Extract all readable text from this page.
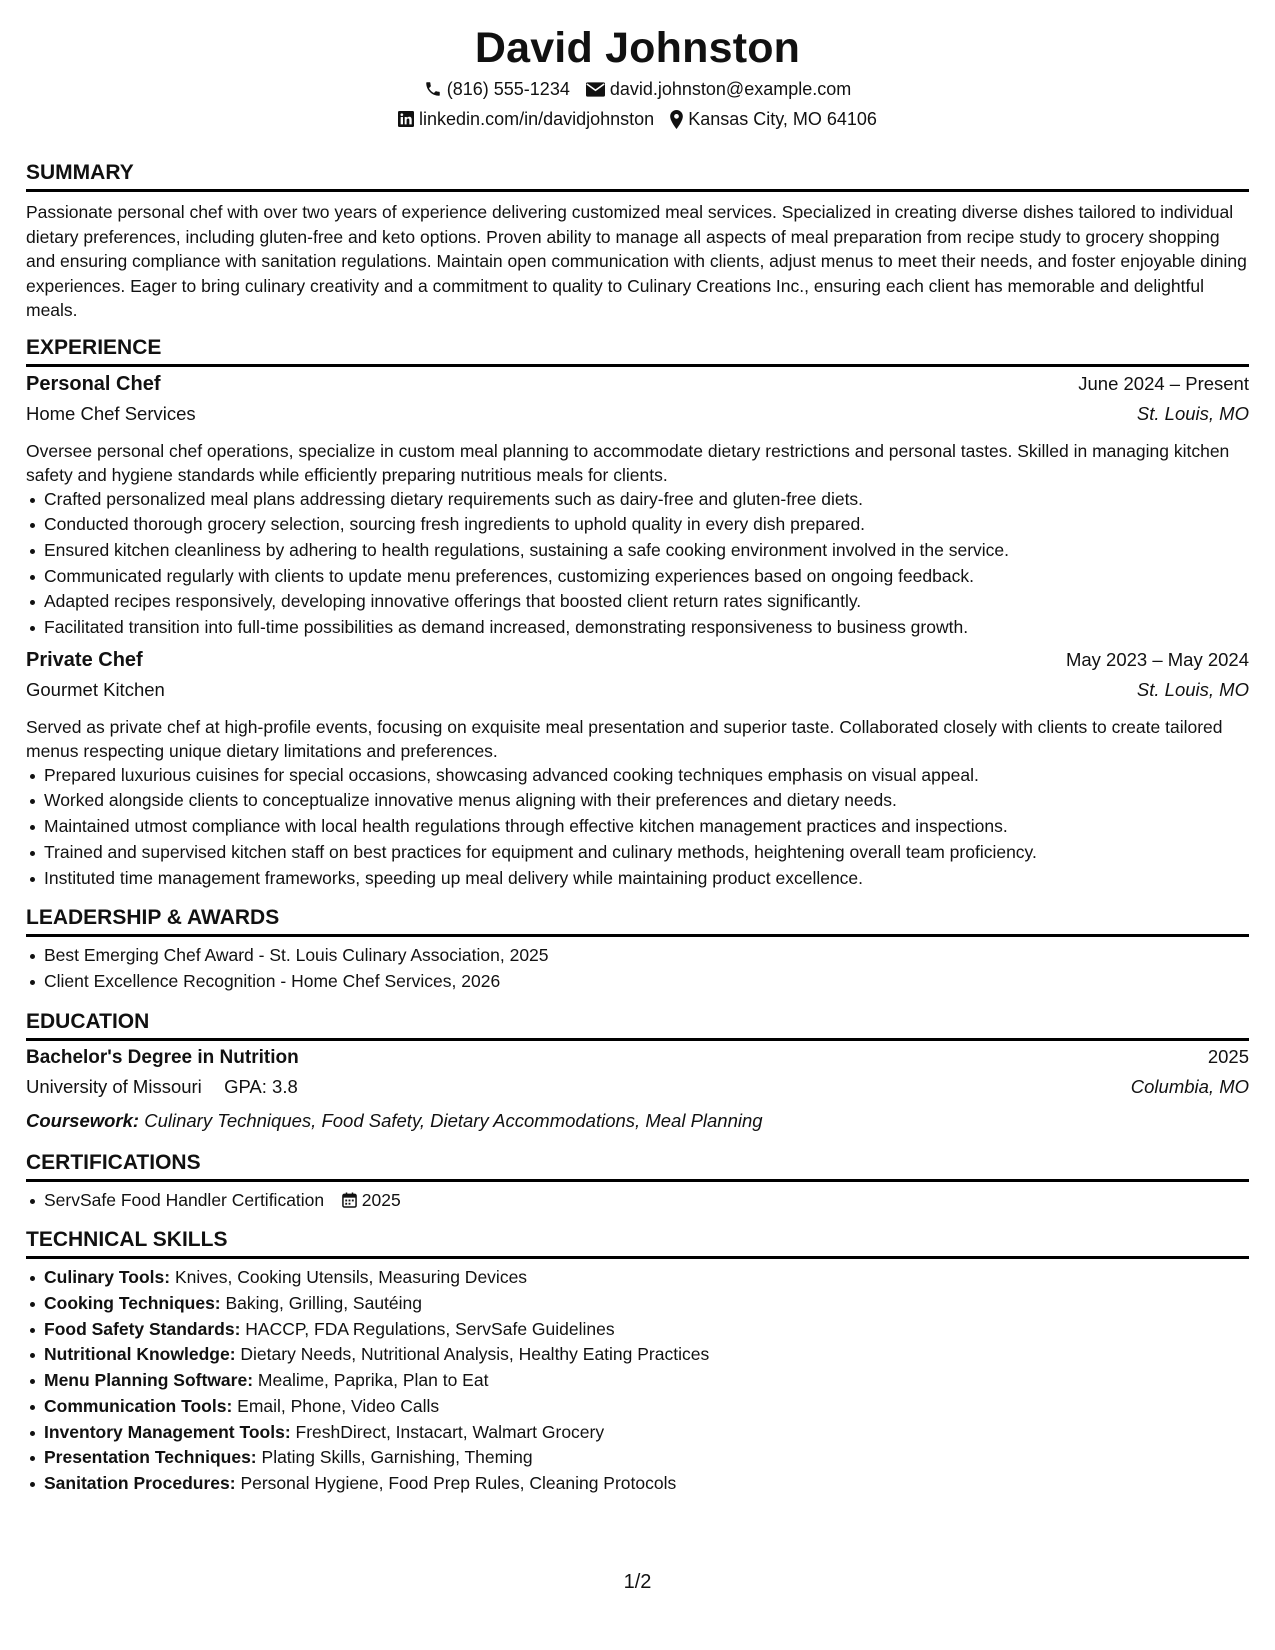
David Johnston
(816) 555-1234 david.johnston@example.com
linkedin.com/in/davidjohnston Kansas City, MO 64106
SUMMARY

Passionate personal chef with over two years of experience delivering customized meal services. Specialized in creating diverse dishes tailored to individual dietary preferences, including gluten-free and keto options. Proven ability to manage all aspects of meal preparation from recipe study to grocery shopping and ensuring compliance with sanitation regulations. Maintain open communication with clients, adjust menus to meet their needs, and foster enjoyable dining experiences. Eager to bring culinary creativity and a commitment to quality to Culinary Creations Inc., ensuring each client has memorable and delightful meals.

EXPERIENCE
Personal Chef	June 2024 – Present
Home Chef Services	St. Louis, MO

Oversee personal chef operations, specialize in custom meal planning to accommodate dietary restrictions and personal tastes. Skilled in managing kitchen safety and hygiene standards while efficiently preparing nutritious meals for clients.

Crafted personalized meal plans addressing dietary requirements such as dairy-free and gluten-free diets.
Conducted thorough grocery selection, sourcing fresh ingredients to uphold quality in every dish prepared.
Ensured kitchen cleanliness by adhering to health regulations, sustaining a safe cooking environment involved in the service.
Communicated regularly with clients to update menu preferences, customizing experiences based on ongoing feedback.
Adapted recipes responsively, developing innovative offerings that boosted client return rates significantly.
Facilitated transition into full-time possibilities as demand increased, demonstrating responsiveness to business growth.
Private Chef	May 2023 – May 2024
Gourmet Kitchen	St. Louis, MO

Served as private chef at high-profile events, focusing on exquisite meal presentation and superior taste. Collaborated closely with clients to create tailored menus respecting unique dietary limitations and preferences.

Prepared luxurious cuisines for special occasions, showcasing advanced cooking techniques emphasis on visual appeal.
Worked alongside clients to conceptualize innovative menus aligning with their preferences and dietary needs.
Maintained utmost compliance with local health regulations through effective kitchen management practices and inspections.
Trained and supervised kitchen staff on best practices for equipment and culinary methods, heightening overall team proficiency.
Instituted time management frameworks, speeding up meal delivery while maintaining product excellence.
LEADERSHIP & AWARDS
Best Emerging Chef Award - St. Louis Culinary Association, 2025
Client Excellence Recognition - Home Chef Services, 2026
EDUCATION
Bachelor's Degree in Nutrition	2025
University of Missouri GPA: 3.8	Columbia, MO
Coursework: Culinary Techniques, Food Safety, Dietary Accommodations, Meal Planning
CERTIFICATIONS
ServSafe Food Handler Certification 2025
TECHNICAL SKILLS
Culinary Tools: Knives, Cooking Utensils, Measuring Devices
Cooking Techniques: Baking, Grilling, Sautéing
Food Safety Standards: HACCP, FDA Regulations, ServSafe Guidelines
Nutritional Knowledge: Dietary Needs, Nutritional Analysis, Healthy Eating Practices
Menu Planning Software: Mealime, Paprika, Plan to Eat
Communication Tools: Email, Phone, Video Calls
Inventory Management Tools: FreshDirect, Instacart, Walmart Grocery
Presentation Techniques: Plating Skills, Garnishing, Theming
Sanitation Procedures: Personal Hygiene, Food Prep Rules, Cleaning Protocols
1/2
